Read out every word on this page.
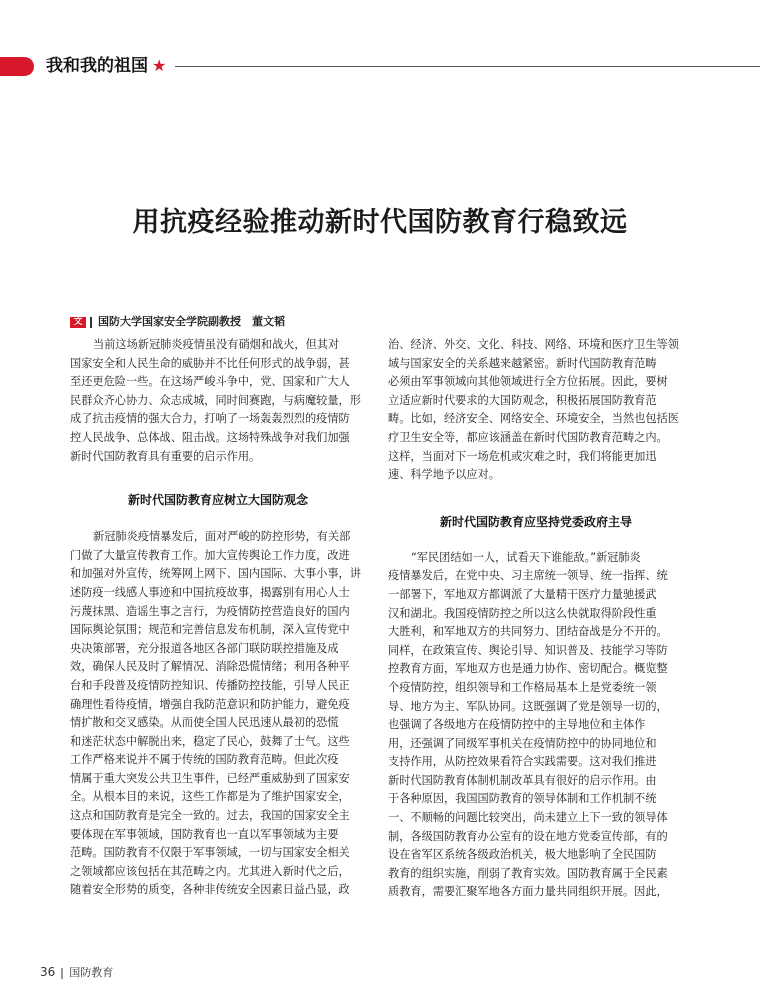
我和我的祖国 ★
用抗疫经验推动新时代国防教育行稳致远
文 国防大学国家安全学院副教授　董文韬

当前这场新冠肺炎疫情虽没有硝烟和战火，但其对

国家安全和人民生命的威胁并不比任何形式的战争弱，甚

至还更危险一些。在这场严峻斗争中，党、国家和广大人

民群众齐心协力、众志成城，同时间赛跑，与病魔较量，形

成了抗击疫情的强大合力，打响了一场轰轰烈烈的疫情防

控人民战争、总体战、阻击战。这场特殊战争对我们加强

新时代国防教育具有重要的启示作用。

新时代国防教育应树立大国防观念

新冠肺炎疫情暴发后，面对严峻的防控形势，有关部

门做了大量宣传教育工作。加大宣传舆论工作力度，改进

和加强对外宣传，统筹网上网下、国内国际、大事小事，讲

述防疫一线感人事迹和中国抗疫故事，揭露别有用心人士

污蔑抹黑、造谣生事之言行，为疫情防控营造良好的国内

国际舆论氛围；规范和完善信息发布机制，深入宣传党中

央决策部署，充分报道各地区各部门联防联控措施及成

效，确保人民及时了解情况、消除恐慌情绪；利用各种平

台和手段普及疫情防控知识、传播防控技能，引导人民正

确理性看待疫情，增强自我防范意识和防护能力，避免疫

情扩散和交叉感染。从而使全国人民迅速从最初的恐慌

和迷茫状态中解脱出来，稳定了民心，鼓舞了士气。这些

工作严格来说并不属于传统的国防教育范畴。但此次疫

情属于重大突发公共卫生事件，已经严重威胁到了国家安

全。从根本目的来说，这些工作都是为了维护国家安全，

这点和国防教育是完全一致的。过去，我国的国家安全主

要体现在军事领域，国防教育也一直以军事领域为主要

范畴。国防教育不仅限于军事领域，一切与国家安全相关

之领域都应该包括在其范畴之内。尤其进入新时代之后，

随着安全形势的质变，各种非传统安全因素日益凸显，政

治、经济、外交、文化、科技、网络、环境和医疗卫生等领

域与国家安全的关系越来越紧密。新时代国防教育范畴

必须由军事领域向其他领域进行全方位拓展。因此，要树

立适应新时代要求的大国防观念，积极拓展国防教育范

畴。比如，经济安全、网络安全、环境安全，当然也包括医

疗卫生安全等，都应该涵盖在新时代国防教育范畴之内。

这样，当面对下一场危机或灾难之时，我们将能更加迅

速、科学地予以应对。

新时代国防教育应坚持党委政府主导

“军民团结如一人，试看天下谁能敌。”新冠肺炎

疫情暴发后，在党中央、习主席统一领导、统一指挥、统

一部署下，军地双方都调派了大量精干医疗力量驰援武

汉和湖北。我国疫情防控之所以这么快就取得阶段性重

大胜利，和军地双方的共同努力、团结奋战是分不开的。

同样，在政策宣传、舆论引导、知识普及、技能学习等防

控教育方面，军地双方也是通力协作、密切配合。概览整

个疫情防控，组织领导和工作格局基本上是党委统一领

导、地方为主、军队协同。这既强调了党是领导一切的，

也强调了各级地方在疫情防控中的主导地位和主体作

用，还强调了同级军事机关在疫情防控中的协同地位和

支持作用，从防控效果看符合实践需要。这对我们推进

新时代国防教育体制机制改革具有很好的启示作用。由

于各种原因，我国国防教育的领导体制和工作机制不统

一、不顺畅的问题比较突出，尚未建立上下一致的领导体

制，各级国防教育办公室有的设在地方党委宣传部，有的

设在省军区系统各级政治机关，极大地影响了全民国防

教育的组织实施，削弱了教育实效。国防教育属于全民素

质教育，需要汇聚军地各方面力量共同组织开展。因此，

36 国防教育
